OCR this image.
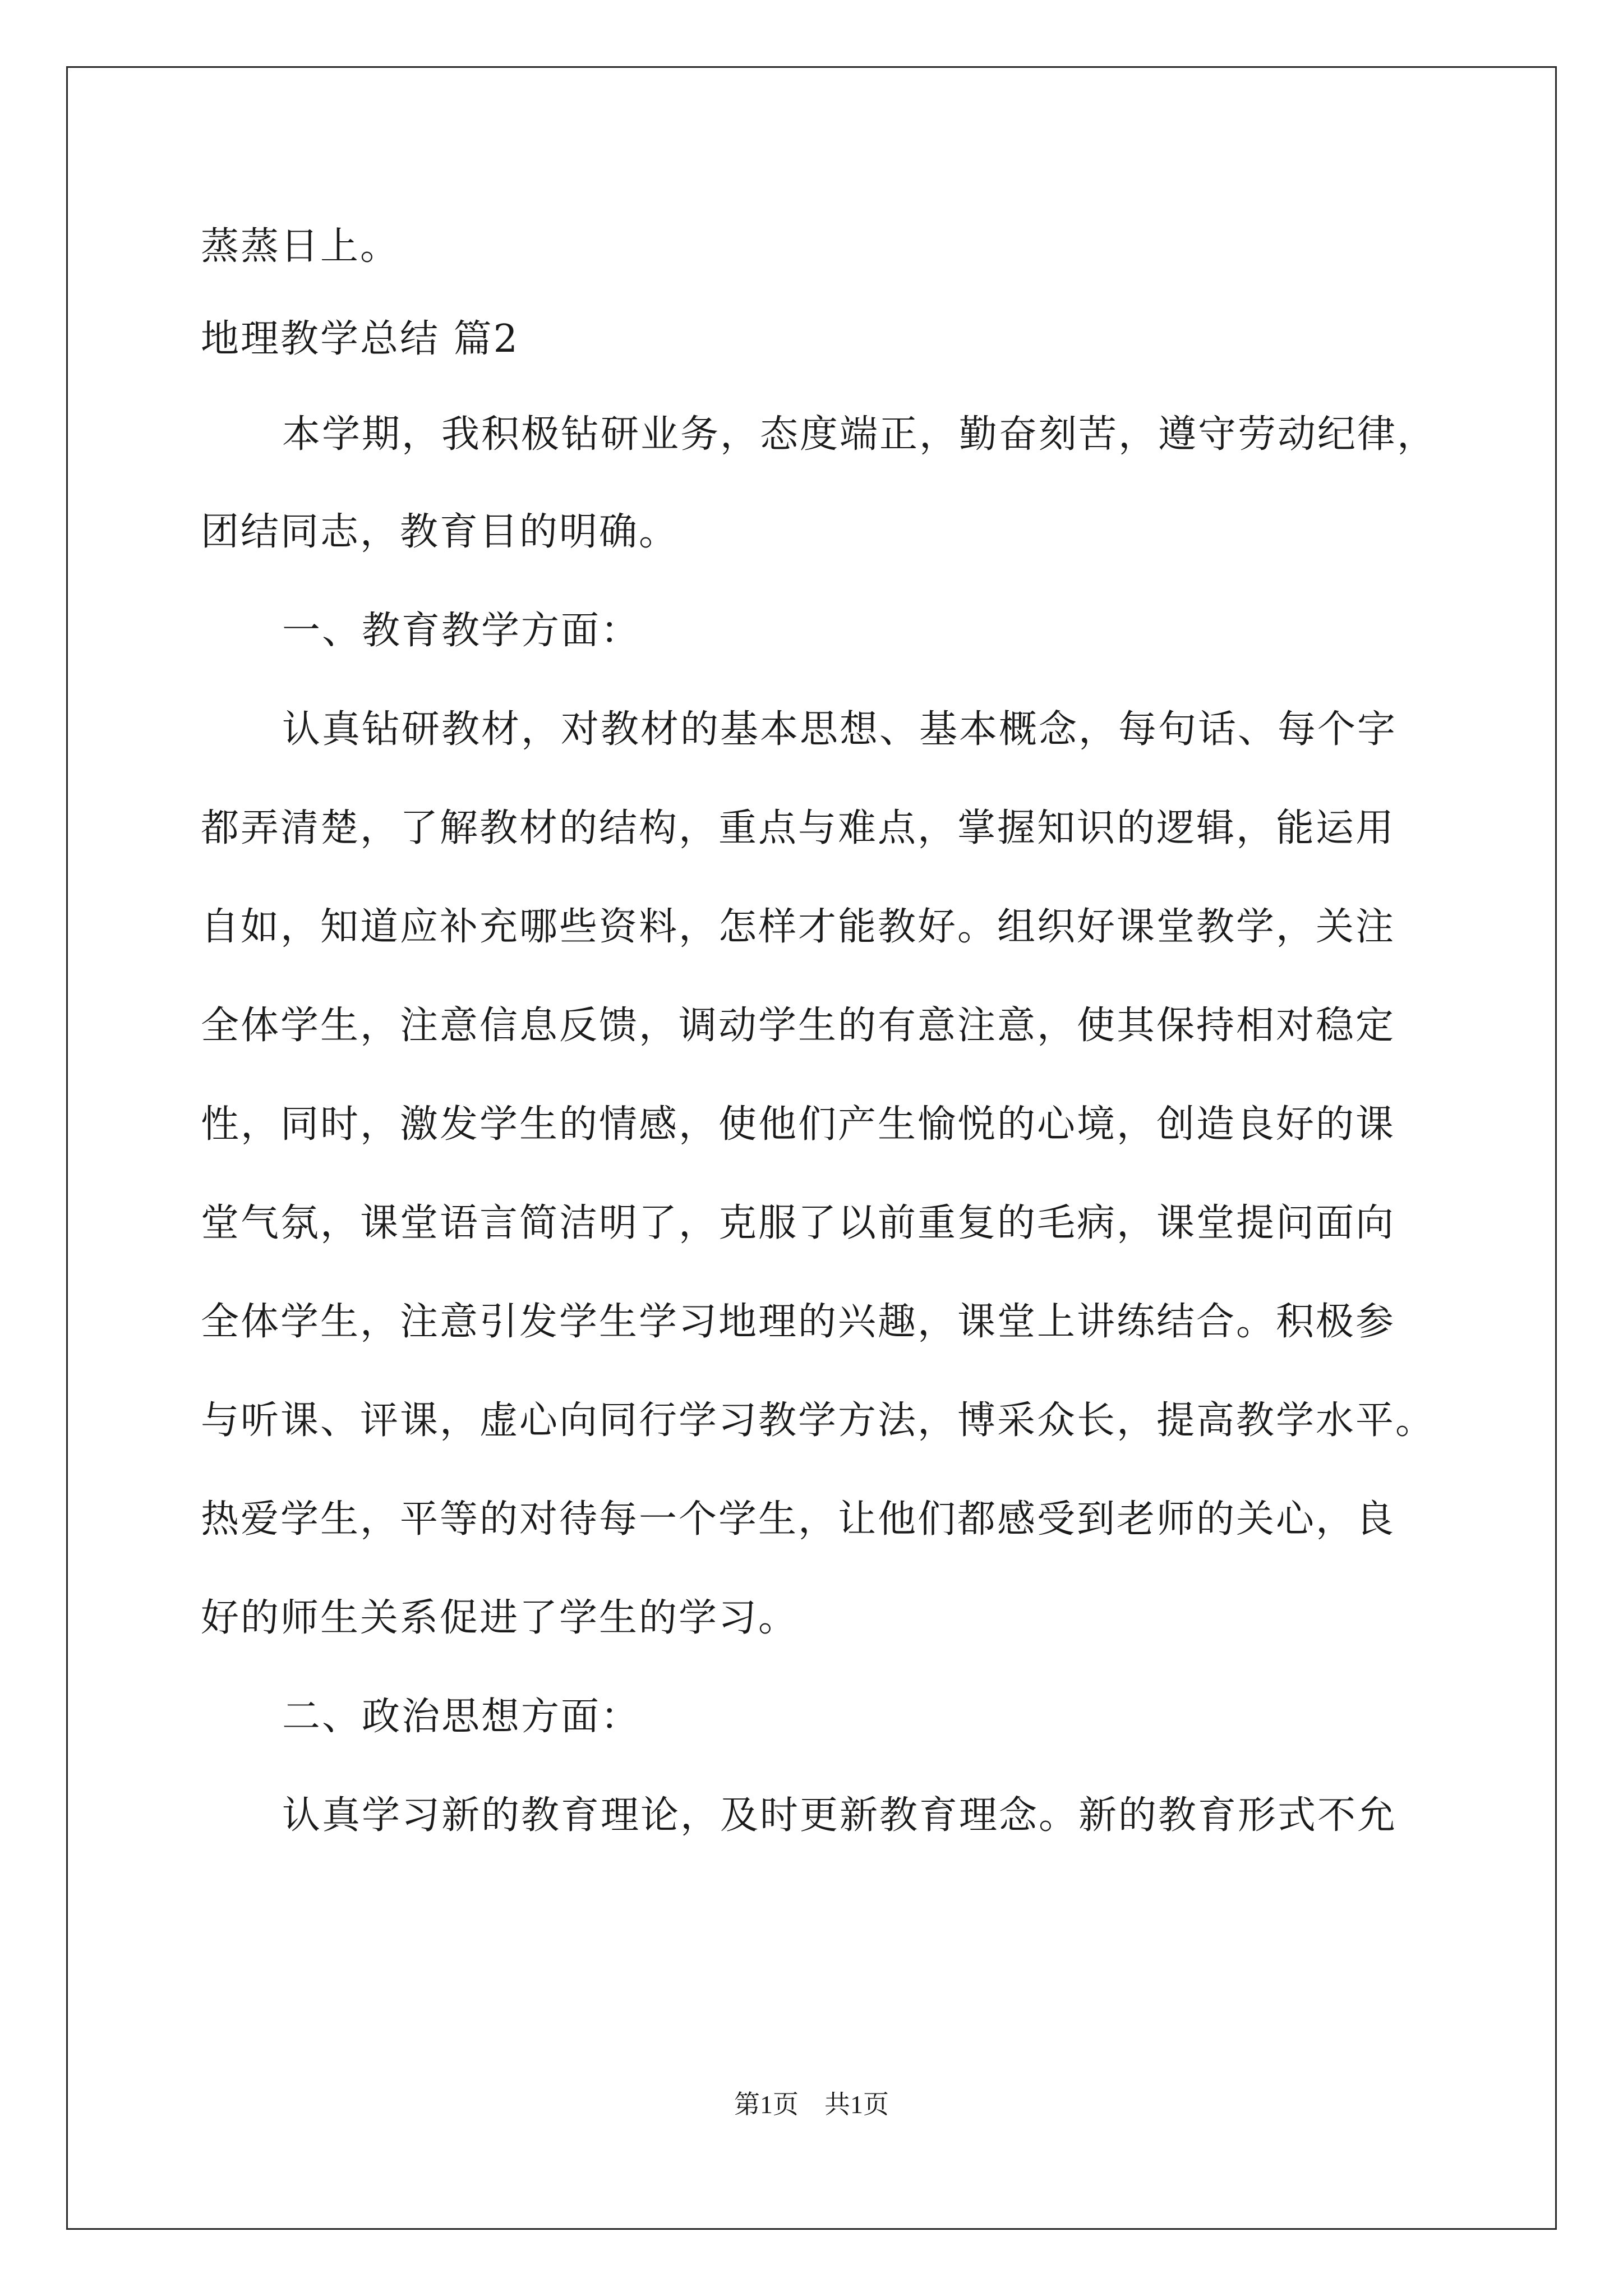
蒸蒸日上。
地理教学总结 篇2
本学期，我积极钻研业务，态度端正，勤奋刻苦，遵守劳动纪律，
团结同志，教育目的明确。
一、教育教学方面：
认真钻研教材，对教材的基本思想、基本概念，每句话、每个字
都弄清楚，了解教材的结构，重点与难点，掌握知识的逻辑，能运用
自如，知道应补充哪些资料，怎样才能教好。组织好课堂教学，关注
全体学生，注意信息反馈，调动学生的有意注意，使其保持相对稳定
性，同时，激发学生的情感，使他们产生愉悦的心境，创造良好的课
堂气氛，课堂语言简洁明了，克服了以前重复的毛病，课堂提问面向
全体学生，注意引发学生学习地理的兴趣，课堂上讲练结合。积极参
与听课、评课，虚心向同行学习教学方法，博采众长，提高教学水平。
热爱学生，平等的对待每一个学生，让他们都感受到老师的关心，良
好的师生关系促进了学生的学习。
二、政治思想方面：
认真学习新的教育理论，及时更新教育理念。新的教育形式不允
第1页　共1页
